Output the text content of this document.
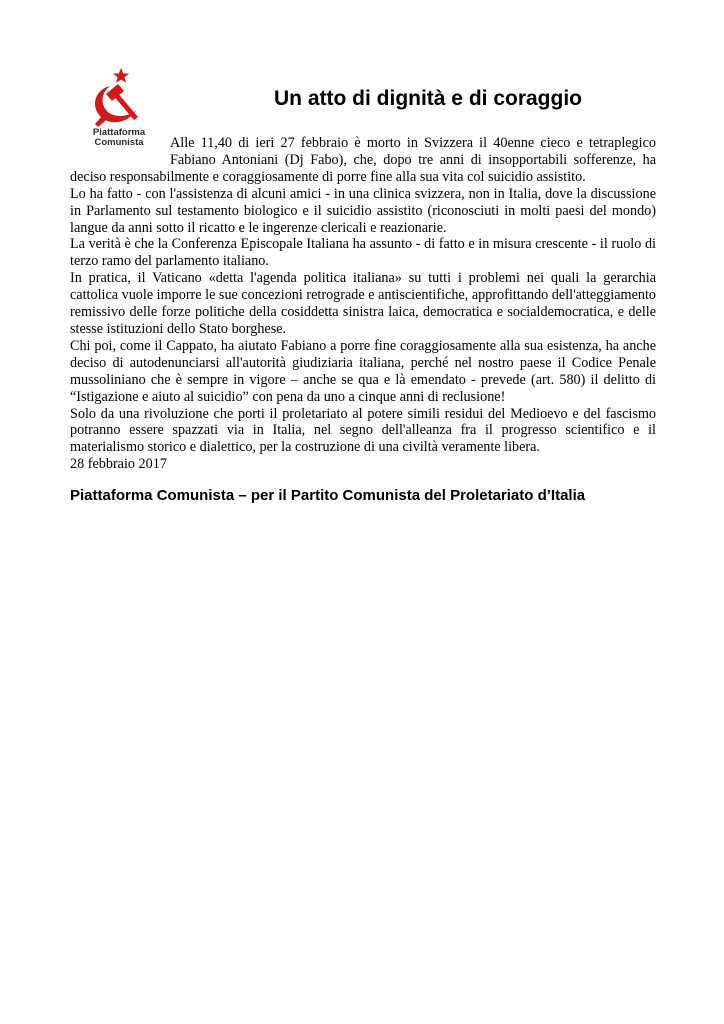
Piattaforma
Comunista
Un atto di dignità e di coraggio

Alle 11,40 di ieri 27 febbraio è morto in Svizzera il 40enne cieco e tetraplegico Fabiano Antoniani (Dj Fabo), che, dopo tre anni di insopportabili sofferenze, ha deciso responsabilmente e coraggiosamente di porre fine alla sua vita col suicidio assistito.

Lo ha fatto - con l'assistenza di alcuni amici - in una clinica svizzera, non in Italia, dove la discussione in Parlamento sul testamento biologico e il suicidio assistito (riconosciuti in molti paesi del mondo) langue da anni sotto il ricatto e le ingerenze clericali e reazionarie.

La verità è che la Conferenza Episcopale Italiana ha assunto - di fatto e in misura crescente - il ruolo di terzo ramo del parlamento italiano.

In pratica, il Vaticano «detta l'agenda politica italiana» su tutti i problemi nei quali la gerarchia cattolica vuole imporre le sue concezioni retrograde e antiscientifiche, approfittando dell'atteggiamento remissivo delle forze politiche della cosiddetta sinistra laica, democratica e socialdemocratica, e delle stesse istituzioni dello Stato borghese.

Chi poi, come il Cappato, ha aiutato Fabiano a porre fine coraggiosamente alla sua esistenza, ha anche deciso di autodenunciarsi all'autorità giudiziaria italiana, perché nel nostro paese il Codice Penale mussoliniano che è sempre in vigore – anche se qua e là emendato - prevede (art. 580) il delitto di “Istigazione e aiuto al suicidio” con pena da uno a cinque anni di reclusione!

Solo da una rivoluzione che porti il proletariato al potere simili residui del Medioevo e del fascismo potranno essere spazzati via in Italia, nel segno dell'alleanza fra il progresso scientifico e il materialismo storico e dialettico, per la costruzione di una civiltà veramente libera.

28 febbraio 2017

Piattaforma Comunista – per il Partito Comunista del Proletariato d’Italia
